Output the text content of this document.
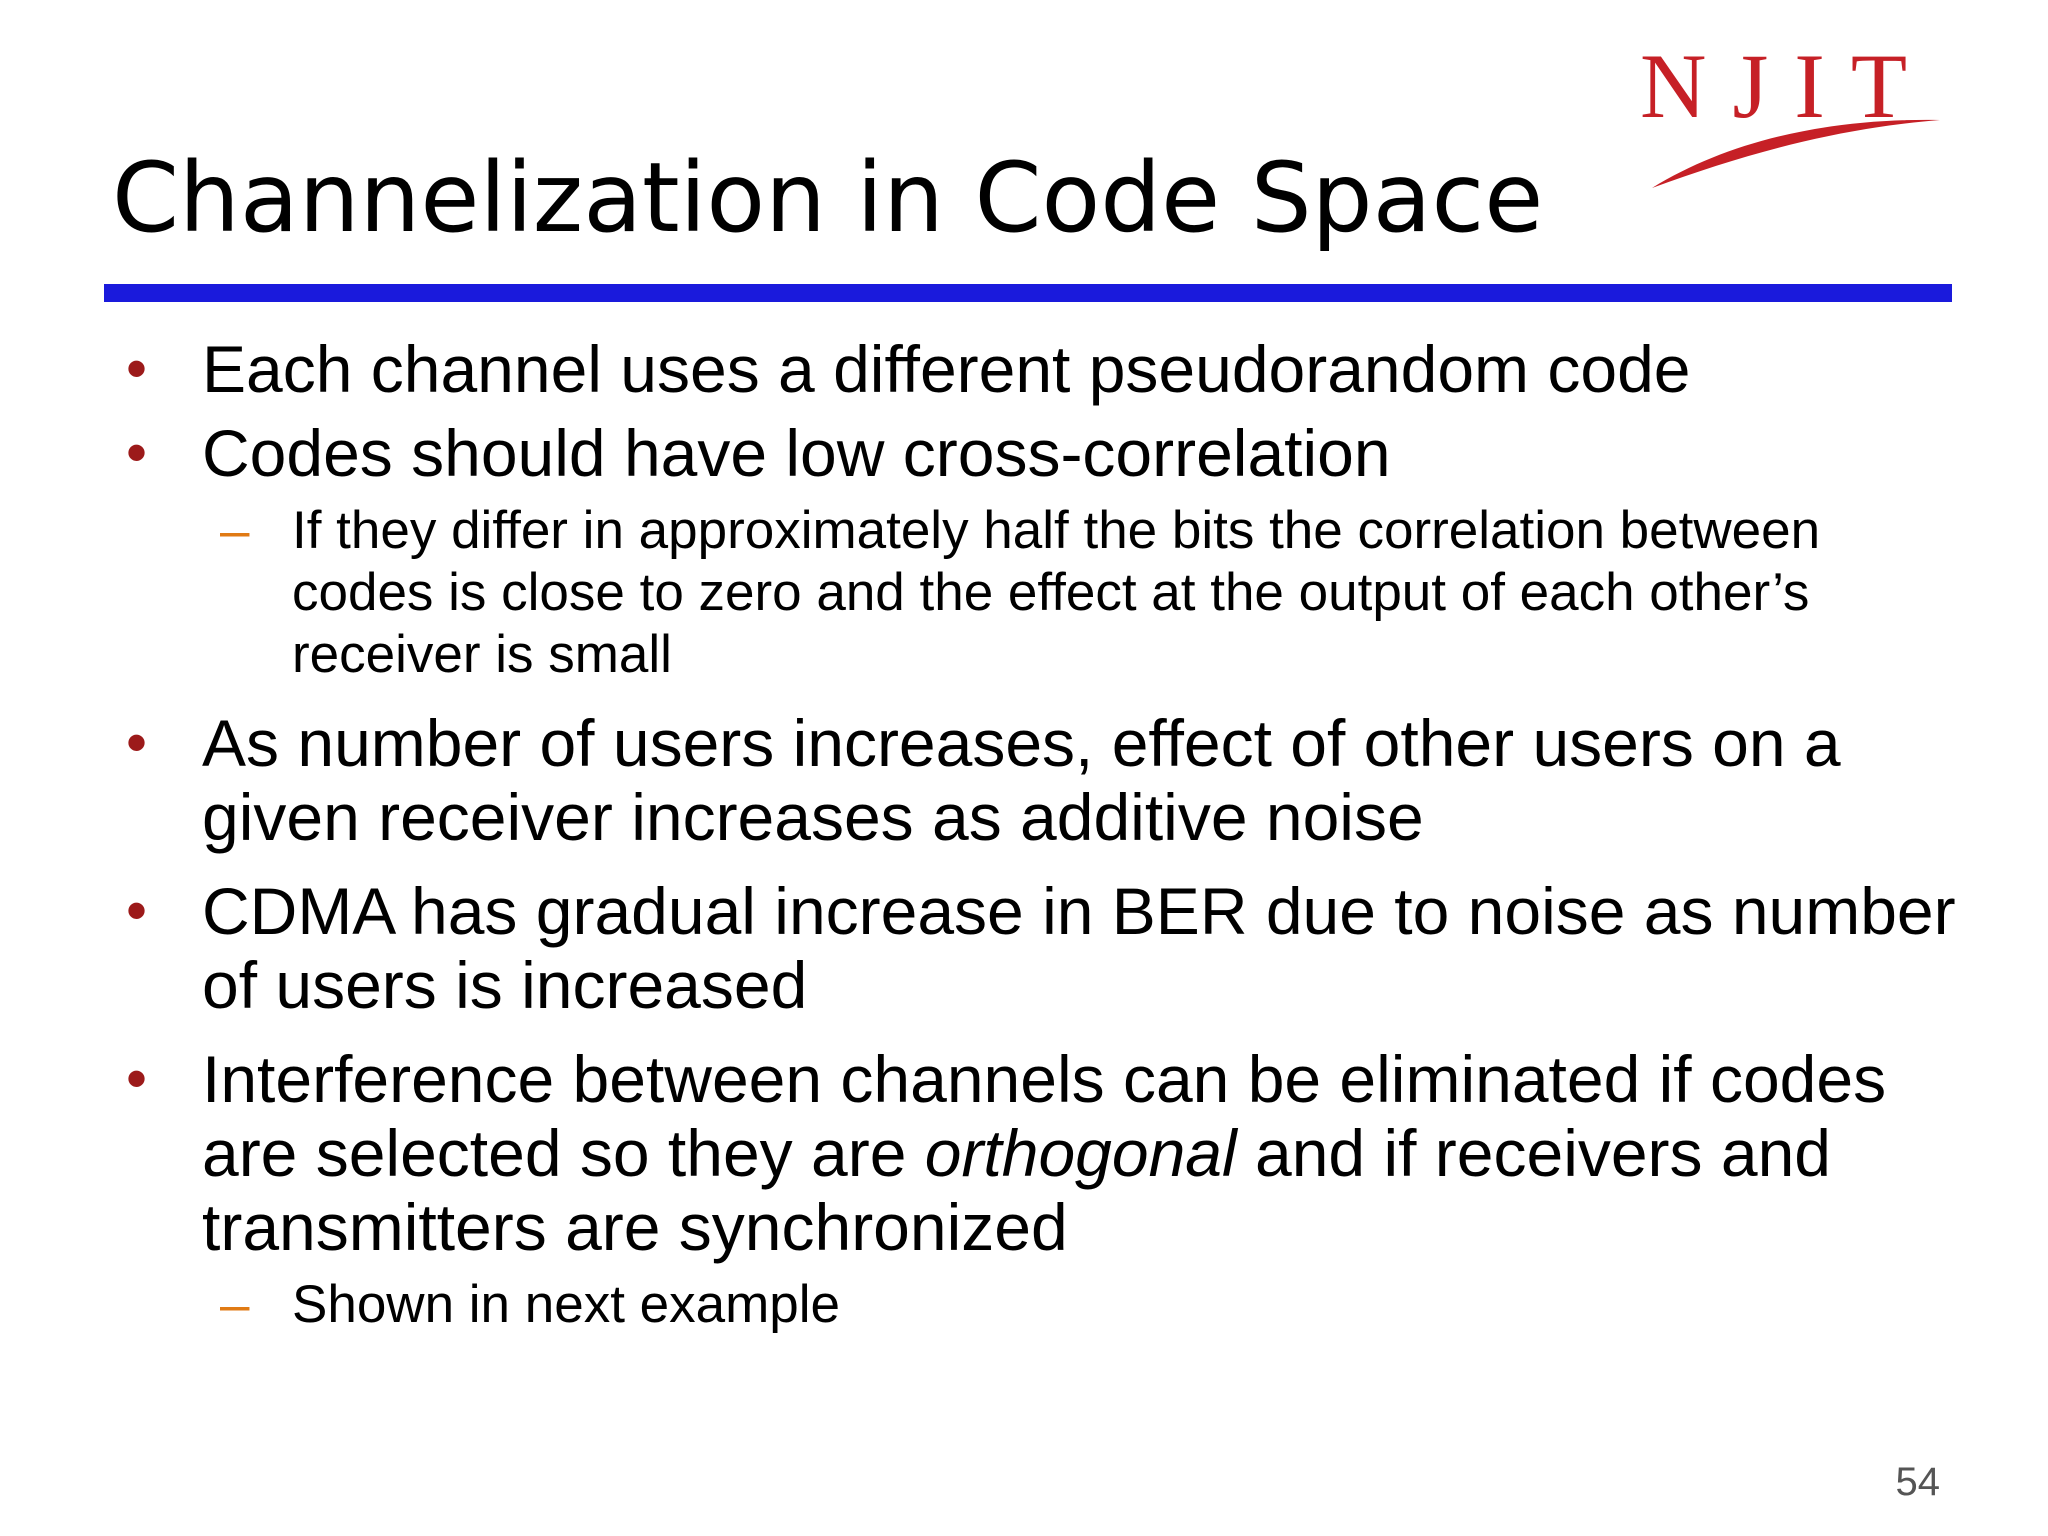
NJIT
Channelization in Code Space
• Each channel uses a different pseudorandom code
• Codes should have low cross-correlation
– If they differ in approximately half the bits the correlation between codes is close to zero and the effect at the output of each other’s receiver is small
• As number of users increases, effect of other users on a given receiver increases as additive noise
• CDMA has gradual increase in BER due to noise as number of users is increased
• Interference between channels can be eliminated if codes are selected so they are orthogonal and if receivers and transmitters are synchronized
– Shown in next example
54
